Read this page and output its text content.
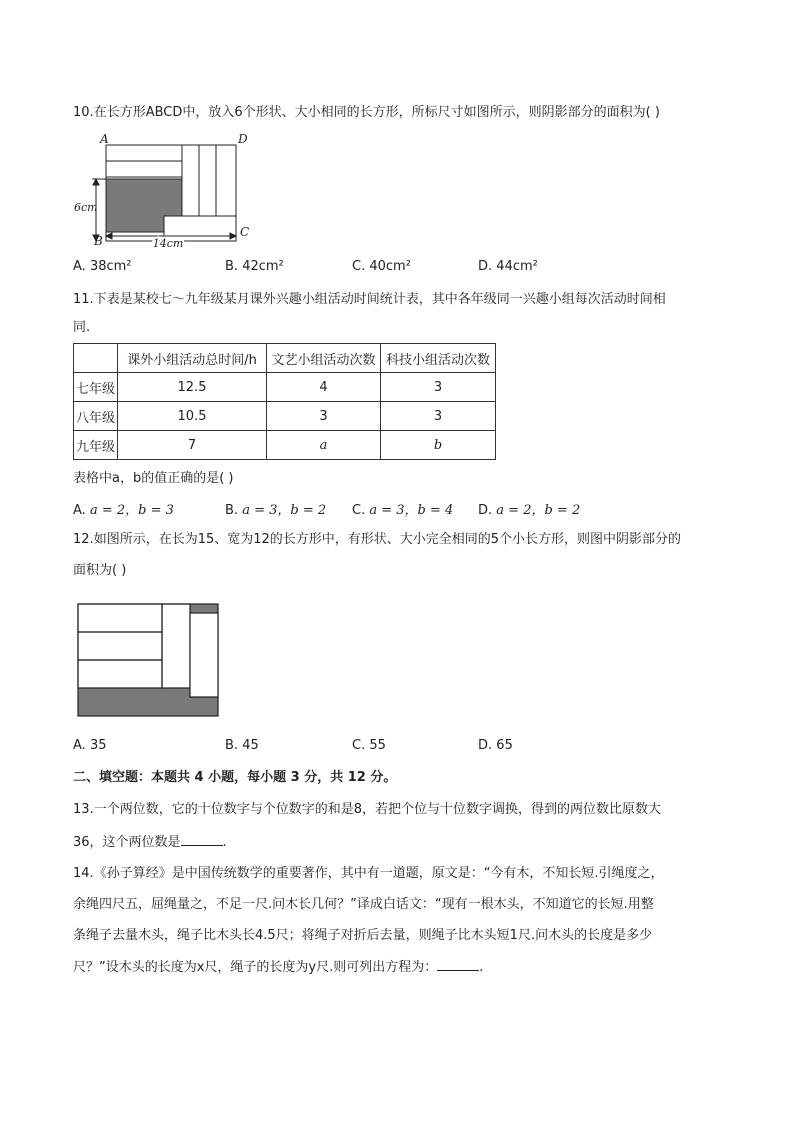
10.在长方形ABCD中，放入6个形状、大小相同的长方形，所标尺寸如图所示，则阴影部分的面积为( )
A	D
B
C
6cm
14cm
A. 38cm²	B. 42cm²	C. 40cm²	D. 44cm²
11.下表是某校七～九年级某月课外兴趣小组活动时间统计表，其中各年级同一兴趣小组每次活动时间相
同.
	课外小组活动总时间/h	文艺小组活动次数	科技小组活动次数
七年级	12.5	4	3
八年级	10.5	3	3
九年级	7	a	b
表格中a，b的值正确的是( )
A. a = 2，b = 3	B. a = 3，b = 2 C. a = 3，b = 4 D. a = 2，b = 2
12.如图所示，在长为15、宽为12的长方形中，有形状、大小完全相同的5个小长方形，则图中阴影部分的
面积为( )
A. 35	B. 45	C. 55	D. 65
二、填空题：本题共 4 小题，每小题 3 分，共 12 分。
13.一个两位数，它的十位数字与个位数字的和是8，若把个位与十位数字调换，得到的两位数比原数大
36，这个两位数是	.
14.《孙子算经》是中国传统数学的重要著作，其中有一道题，原文是：“今有木，不知长短.引绳度之，
余绳四尺五，屈绳量之，不足一尺.问木长几何？”译成白话文：“现有一根木头，不知道它的长短.用整
条绳子去量木头，绳子比木头长4.5尺；将绳子对折后去量，则绳子比木头短1尺.问木头的长度是多少
尺？”设木头的长度为x尺，绳子的长度为y尺.则可列出方程为：	.
